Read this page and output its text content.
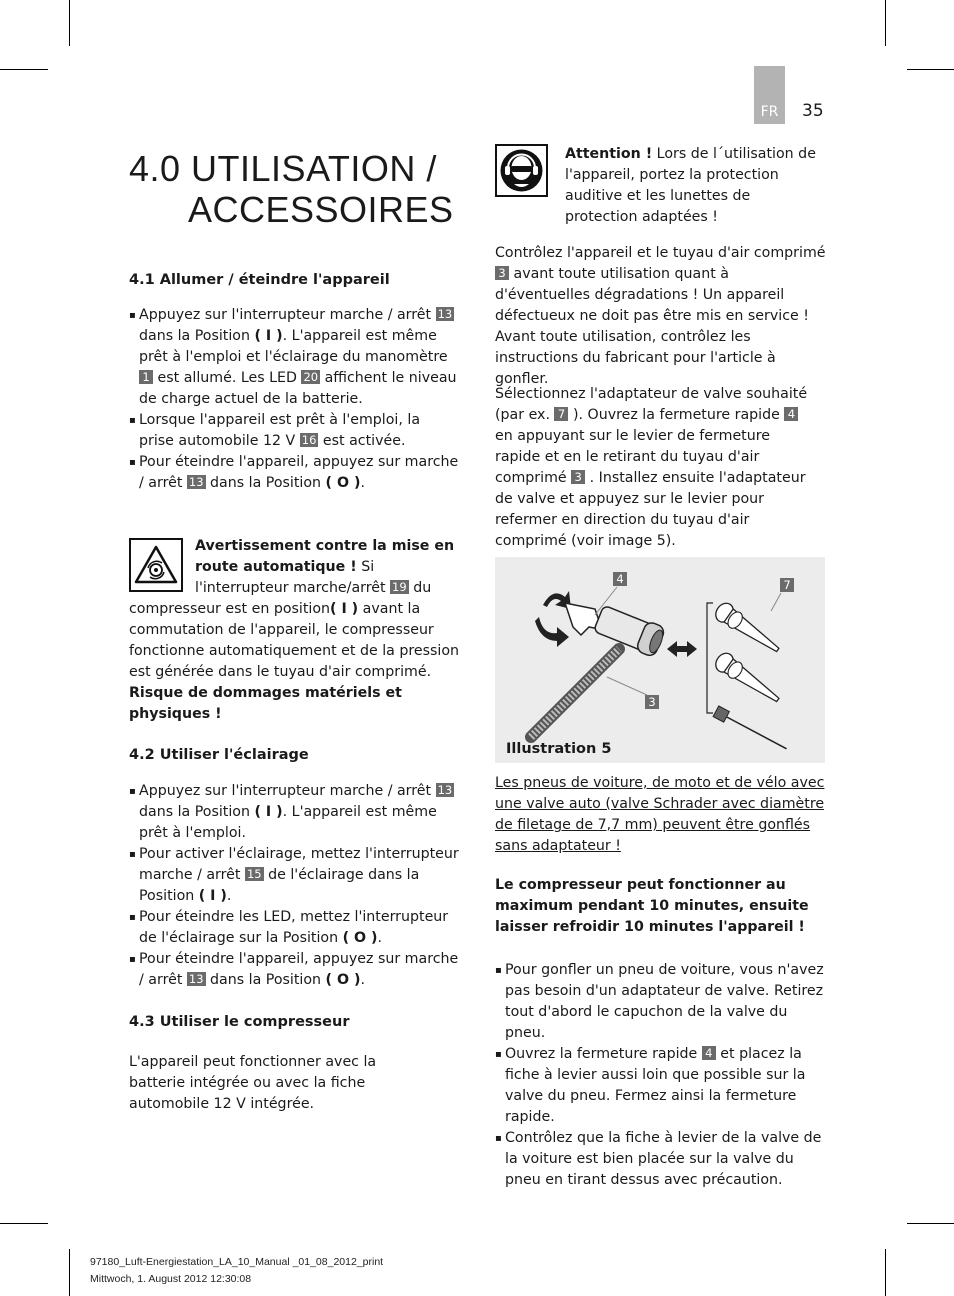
FR	35
4.0 UTILISATION /
ACCESSOIRES
4.1 Allumer / éteindre l'appareil
▪ Appuyez sur l'interrupteur marche / arrêt 13 dans la Position ( I ). L'appareil est même prêt à l'emploi et l'éclairage du manomètre 1 est allumé. Les LED 20 affichent le niveau de charge actuel de la batterie.
▪ Lorsque l'appareil est prêt à l'emploi, la prise automobile 12 V 16 est activée.
▪ Pour éteindre l'appareil, appuyez sur marche / arrêt 13 dans la Position ( O ).
Avertissement contre la mise en route automatique ! Si l'interrupteur marche/arrêt 19 du compresseur est en position( I ) avant la commutation de l'appareil, le compresseur fonctionne automatiquement et de la pression est générée dans le tuyau d'air comprimé. Risque de dommages matériels et physiques !
4.2 Utiliser l'éclairage
▪ Appuyez sur l'interrupteur marche / arrêt 13 dans la Position ( I ). L'appareil est même prêt à l'emploi.
▪ Pour activer l'éclairage, mettez l'interrupteur marche / arrêt 15 de l'éclairage dans la Position ( I ).
▪ Pour éteindre les LED, mettez l'interrupteur de l'éclairage sur la Position ( O ).
▪ Pour éteindre l'appareil, appuyez sur marche / arrêt 13 dans la Position ( O ).
4.3 Utiliser le compresseur
L'appareil peut fonctionner avec la batterie intégrée ou avec la fiche automobile 12 V intégrée.
Attention ! Lors de l´utilisation de l'appareil, portez la protection auditive et les lunettes de protection adaptées !
Contrôlez l'appareil et le tuyau d'air comprimé 3 avant toute utilisation quant à d'éventuelles dégradations ! Un appareil défectueux ne doit pas être mis en service ! Avant toute utilisation, contrôlez les instructions du fabricant pour l'article à gonfler.
Sélectionnez l'adaptateur de valve souhaité (par ex. 7 ). Ouvrez la fermeture rapide 4 en appuyant sur le levier de fermeture rapide et en le retirant du tuyau d'air comprimé 3 . Installez ensuite l'adaptateur de valve et appuyez sur le levier pour refermer en direction du tuyau d'air comprimé (voir image 5).
4	7
3
Illustration 5
Les pneus de voiture, de moto et de vélo avec une valve auto (valve Schrader avec diamètre de filetage de 7,7 mm) peuvent être gonflés sans adaptateur !
Le compresseur peut fonctionner au maximum pendant 10 minutes, ensuite laisser refroidir 10 minutes l'appareil !
▪ Pour gonfler un pneu de voiture, vous n'avez pas besoin d'un adaptateur de valve. Retirez tout d'abord le capuchon de la valve du pneu.
▪ Ouvrez la fermeture rapide 4 et placez la fiche à levier aussi loin que possible sur la valve du pneu. Fermez ainsi la fermeture rapide.
▪ Contrôlez que la fiche à levier de la valve de la voiture est bien placée sur la valve du pneu en tirant dessus avec précaution.
97180_Luft-Energiestation_LA_10_Manual _01_08_2012_print
Mittwoch, 1. August 2012 12:30:08
